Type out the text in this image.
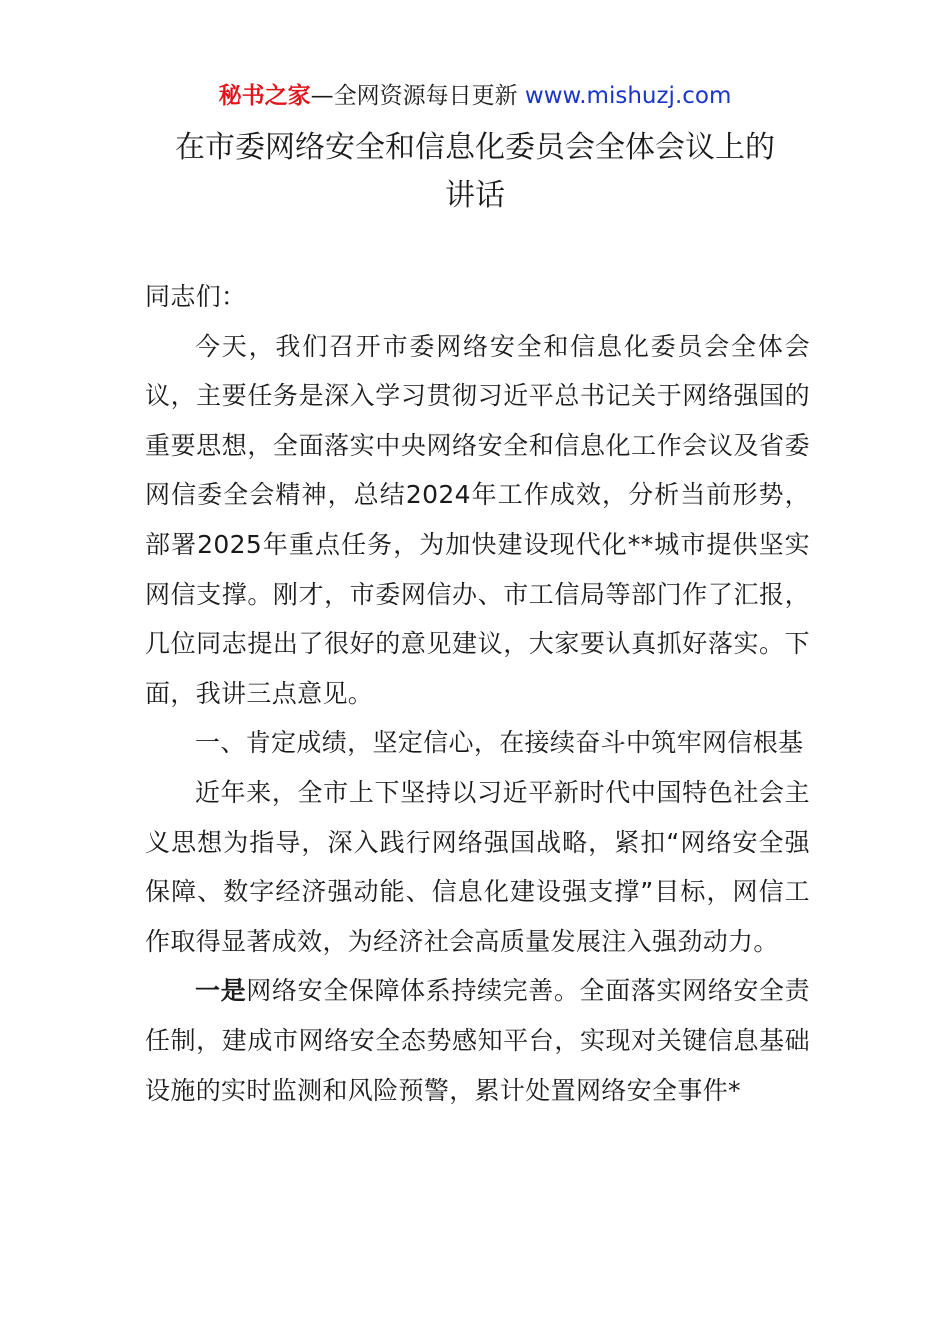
秘书之家—全网资源每日更新 www.mishuzj.com
在市委网络安全和信息化委员会全体会议上的
讲话

同志们：

今天，我们召开市委网络安全和信息化委员会全体会议，主要任务是深入学习贯彻习近平总书记关于网络强国的重要思想，全面落实中央网络安全和信息化工作会议及省委网信委全会精神，总结2024年工作成效，分析当前形势，部署2025年重点任务，为加快建设现代化**城市提供坚实网信支撑。刚才，市委网信办、市工信局等部门作了汇报，几位同志提出了很好的意见建议，大家要认真抓好落实。下面，我讲三点意见。

一、肯定成绩，坚定信心，在接续奋斗中筑牢网信根基

近年来，全市上下坚持以习近平新时代中国特色社会主义思想为指导，深入践行网络强国战略，紧扣“网络安全强保障、数字经济强动能、信息化建设强支撑”目标，网信工作取得显著成效，为经济社会高质量发展注入强劲动力。

一是网络安全保障体系持续完善。全面落实网络安全责任制，建成市网络安全态势感知平台，实现对关键信息基础设施的实时监测和风险预警，累计处置网络安全事件*
